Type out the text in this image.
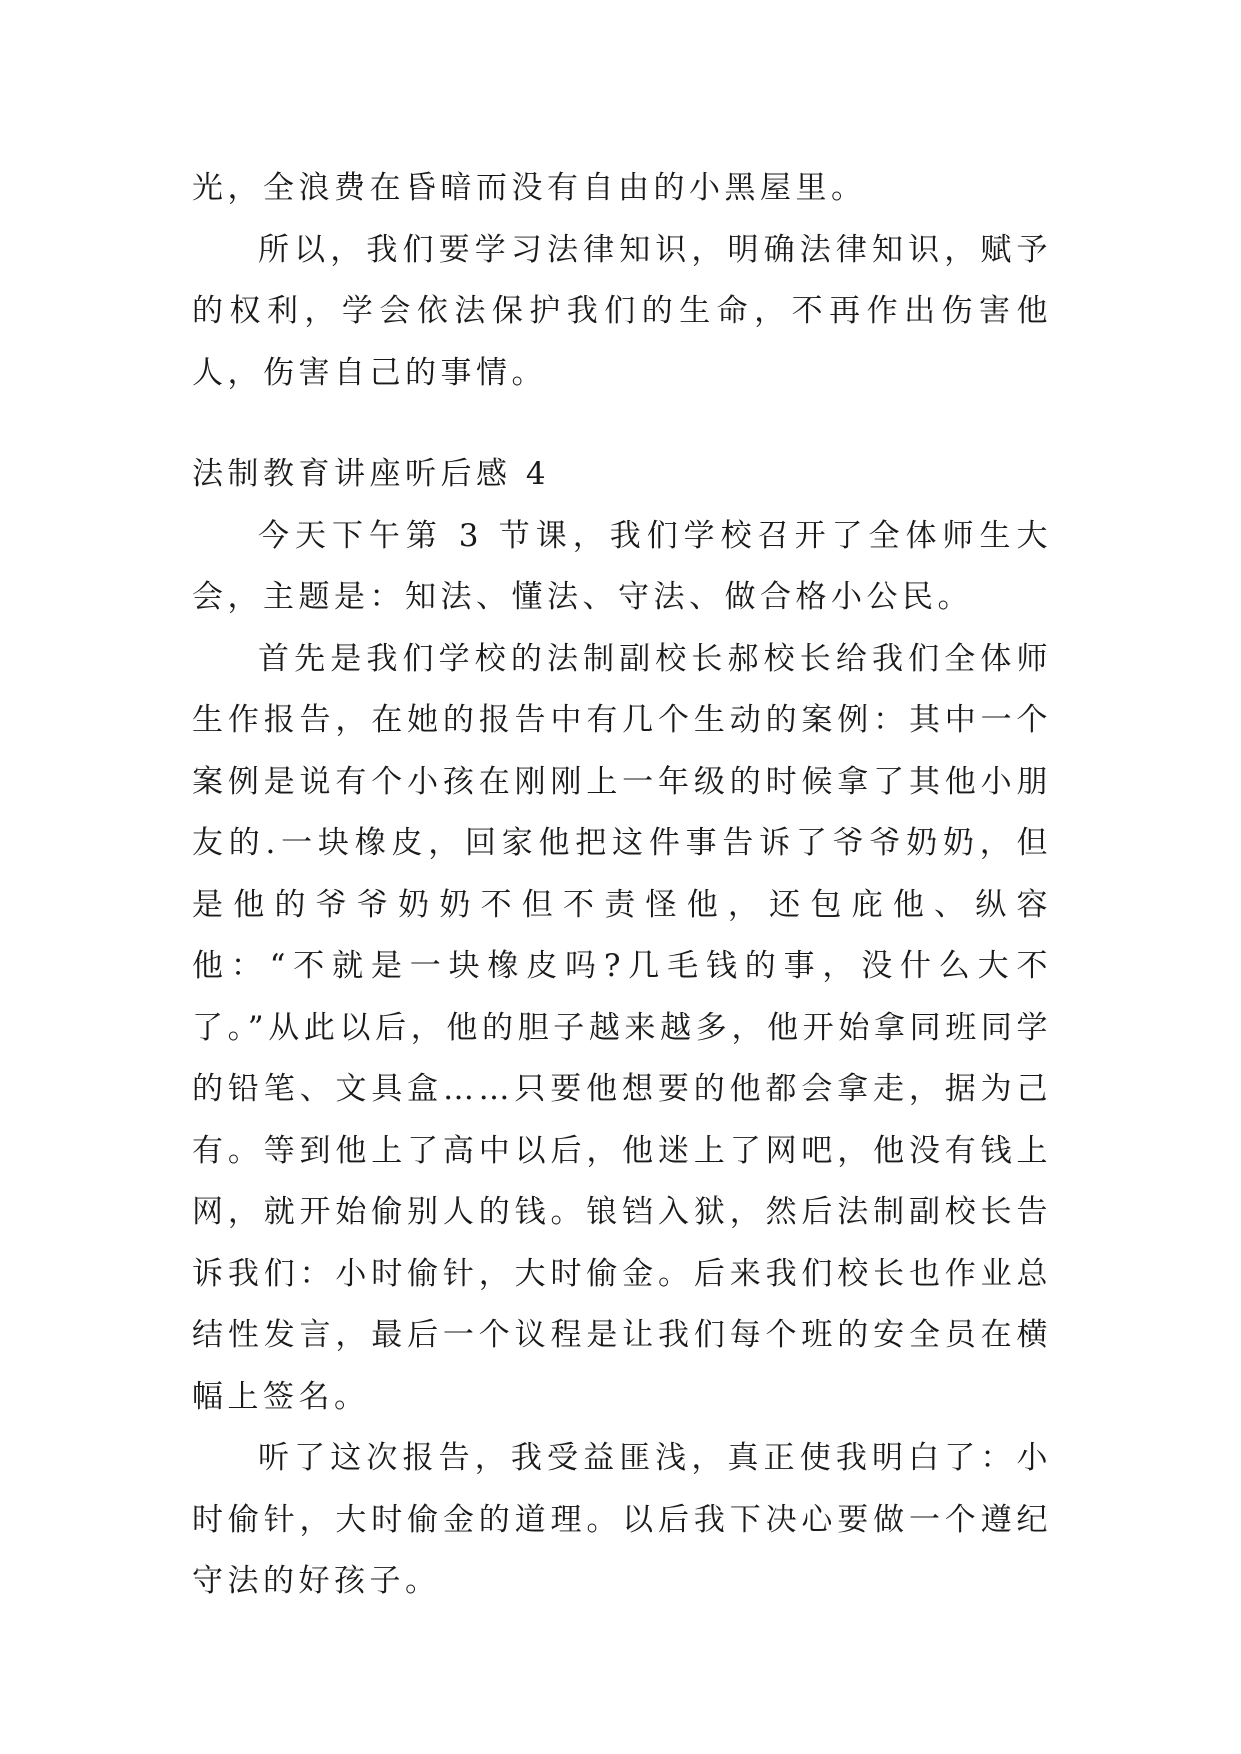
光，全浪费在昏暗而没有自由的小黑屋里。

所以，我们要学习法律知识，明确法律知识，赋予的权利，学会依法保护我们的生命，不再作出伤害他人，伤害自己的事情。

法制教育讲座听后感 4

今天下午第 3 节课，我们学校召开了全体师生大会，主题是：知法、懂法、守法、做合格小公民。

首先是我们学校的法制副校长郝校长给我们全体师生作报告，在她的报告中有几个生动的案例：其中一个案例是说有个小孩在刚刚上一年级的时候拿了其他小朋友的.一块橡皮，回家他把这件事告诉了爷爷奶奶，但是他的爷爷奶奶不但不责怪他，还包庇他、纵容他：“不就是一块橡皮吗?几毛钱的事，没什么大不了。”从此以后，他的胆子越来越多，他开始拿同班同学的铅笔、文具盒……只要他想要的他都会拿走，据为己有。等到他上了高中以后，他迷上了网吧，他没有钱上网，就开始偷别人的钱。锒铛入狱，然后法制副校长告诉我们：小时偷针，大时偷金。后来我们校长也作业总结性发言，最后一个议程是让我们每个班的安全员在横幅上签名。

听了这次报告，我受益匪浅，真正使我明白了：小时偷针，大时偷金的道理。以后我下决心要做一个遵纪守法的好孩子。
